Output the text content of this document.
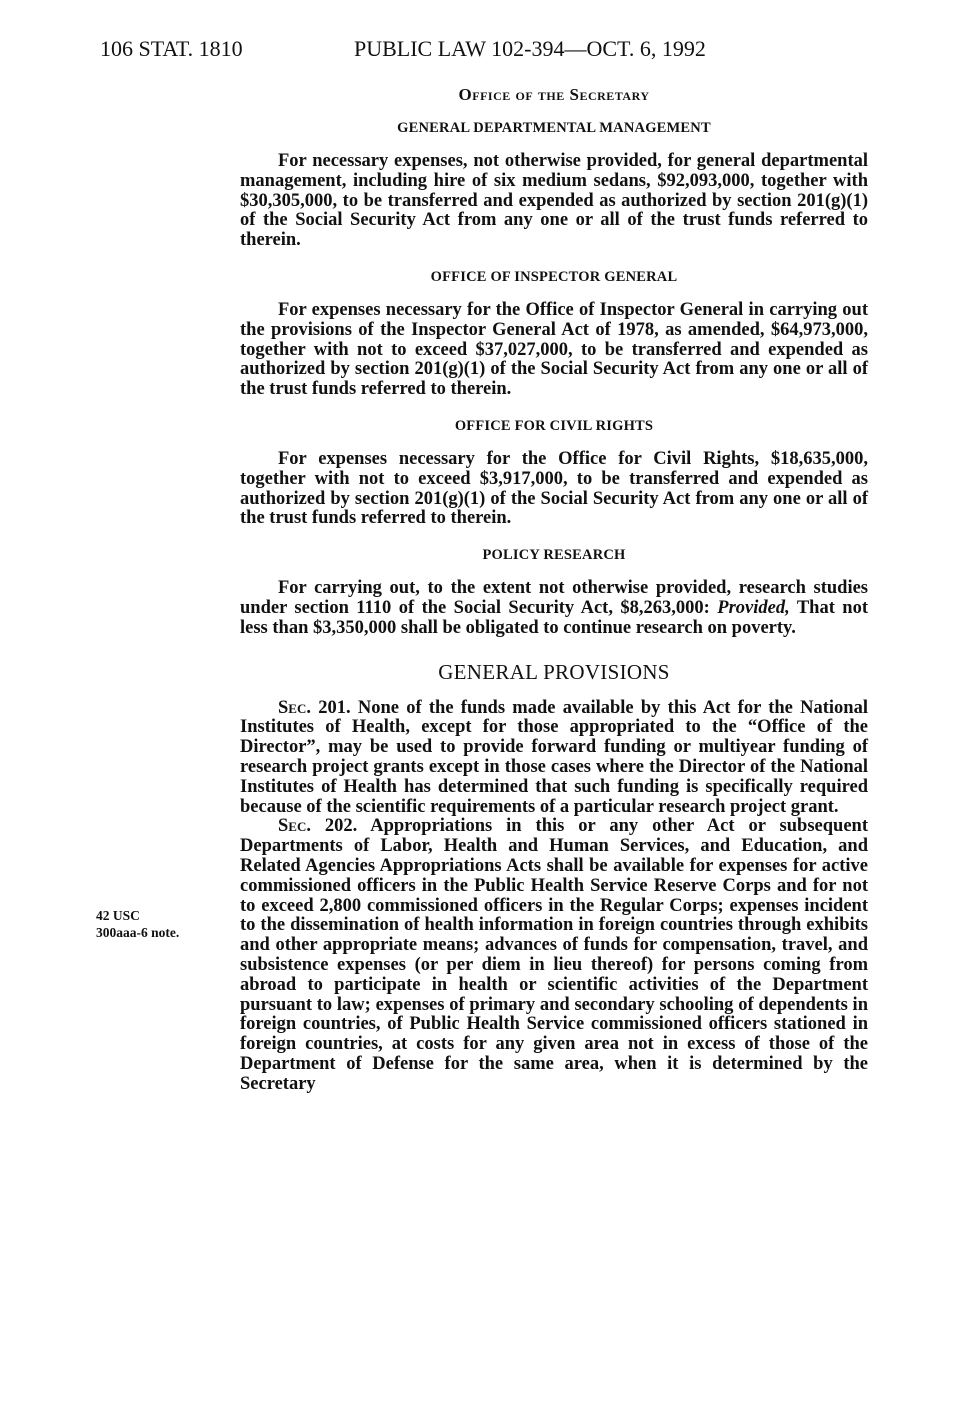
106 STAT. 1810	PUBLIC LAW 102-394—OCT. 6, 1992

Office of the Secretary

GENERAL DEPARTMENTAL MANAGEMENT

For necessary expenses, not otherwise provided, for general departmental management, including hire of six medium sedans, $92,093,000, together with $30,305,000, to be transferred and expended as authorized by section 201(g)(1) of the Social Security Act from any one or all of the trust funds referred to therein.

OFFICE OF INSPECTOR GENERAL

For expenses necessary for the Office of Inspector General in carrying out the provisions of the Inspector General Act of 1978, as amended, $64,973,000, together with not to exceed $37,027,000, to be transferred and expended as authorized by section 201(g)(1) of the Social Security Act from any one or all of the trust funds referred to therein.

OFFICE FOR CIVIL RIGHTS

For expenses necessary for the Office for Civil Rights, $18,635,000, together with not to exceed $3,917,000, to be transferred and expended as authorized by section 201(g)(1) of the Social Security Act from any one or all of the trust funds referred to therein.

POLICY RESEARCH

For carrying out, to the extent not otherwise provided, research studies under section 1110 of the Social Security Act, $8,263,000: Provided, That not less than $3,350,000 shall be obligated to continue research on poverty.

GENERAL PROVISIONS

Sec. 201. None of the funds made available by this Act for the National Institutes of Health, except for those appropriated to the “Office of the Director”, may be used to provide forward funding or multiyear funding of research project grants except in those cases where the Director of the National Institutes of Health has determined that such funding is specifically required because of the scientific requirements of a particular research project grant.

Sec. 202. Appropriations in this or any other Act or subsequent Departments of Labor, Health and Human Services, and Education, and Related Agencies Appropriations Acts shall be available for expenses for active commissioned officers in the Public Health Service Reserve Corps and for not to exceed 2,800 commissioned officers in the Regular Corps; expenses incident to the dissemination of health information in foreign countries through exhibits and other appropriate means; advances of funds for compensation, travel, and subsistence expenses (or per diem in lieu thereof) for persons coming from abroad to participate in health or scientific activities of the Department pursuant to law; expenses of primary and secondary schooling of dependents in foreign countries, of Public Health Service commissioned officers stationed in foreign countries, at costs for any given area not in excess of those of the Department of Defense for the same area, when it is determined by the Secretary

42 USC
300aaa-6 note.
